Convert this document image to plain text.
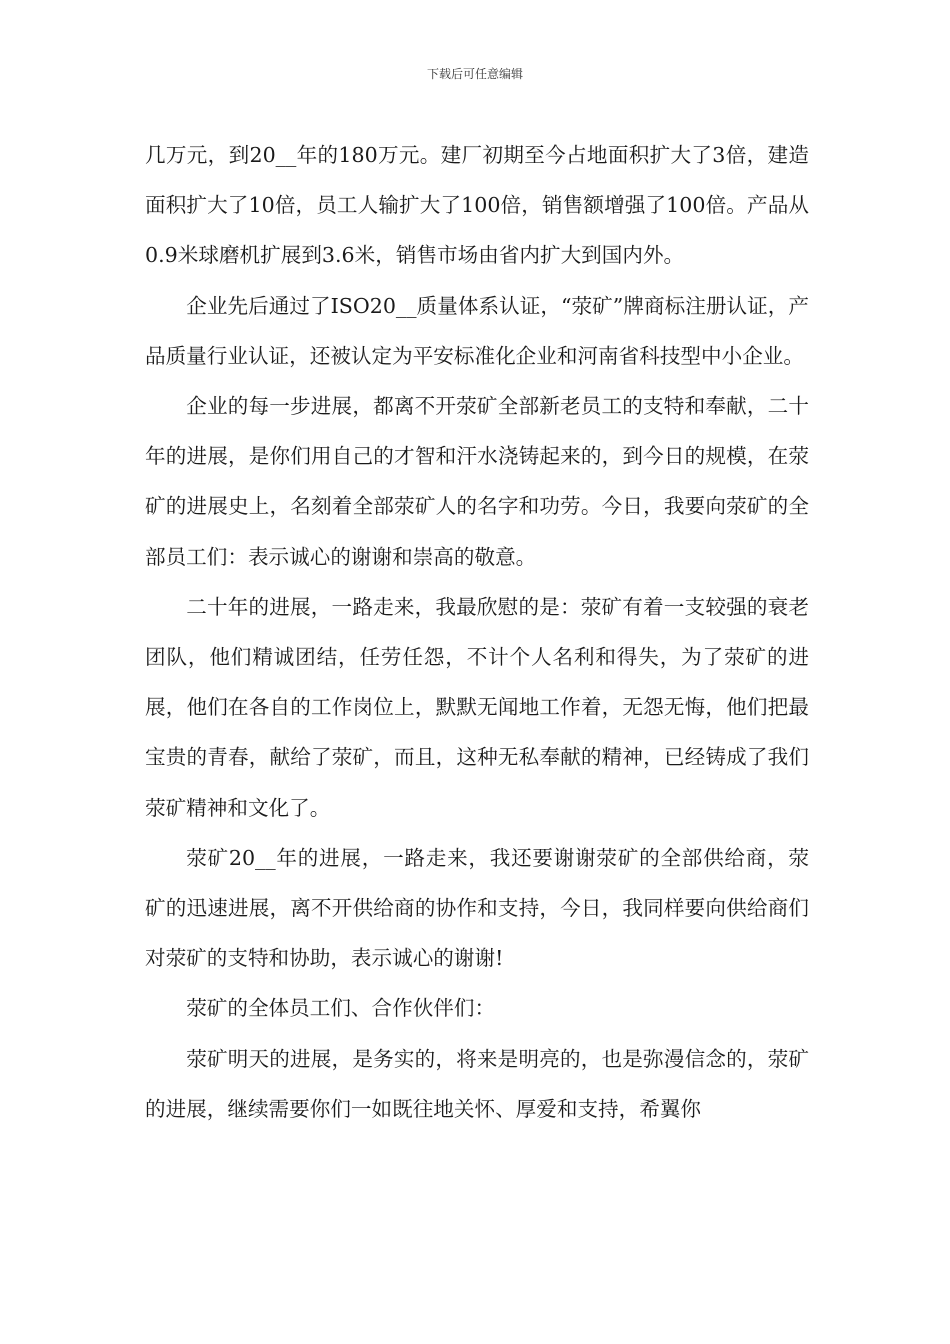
下载后可任意编辑

几万元，到20__年的180万元。建厂初期至今占地面积扩大了3倍，建造面积扩大了10倍，员工人输扩大了100倍，销售额增强了100倍。产品从0.9米球磨机扩展到3.6米，销售市场由省内扩大到国内外。

企业先后通过了ISO20__质量体系认证，“荥矿”牌商标注册认证，产品质量行业认证，还被认定为平安标准化企业和河南省科技型中小企业。

企业的每一步进展，都离不开荥矿全部新老员工的支特和奉献，二十年的进展，是你们用自己的才智和汗水浇铸起来的，到今日的规模，在荥矿的进展史上，名刻着全部荥矿人的名字和功劳。今日，我要向荥矿的全部员工们：表示诚心的谢谢和崇高的敬意。

二十年的进展，一路走来，我最欣慰的是：荥矿有着一支较强的衰老团队，他们精诚团结，任劳任怨，不计个人名利和得失，为了荥矿的进展，他们在各自的工作岗位上，默默无闻地工作着，无怨无悔，他们把最宝贵的青春，献给了荥矿，而且，这种无私奉献的精神，已经铸成了我们荥矿精神和文化了。

荥矿20__年的进展，一路走来，我还要谢谢荥矿的全部供给商，荥矿的迅速进展，离不开供给商的协作和支持，今日，我同样要向供给商们对荥矿的支特和协助，表示诚心的谢谢!

荥矿的全体员工们、合作伙伴们：

荥矿明天的进展，是务实的，将来是明亮的，也是弥漫信念的，荥矿的进展，继续需要你们一如既往地关怀、厚爱和支持，希翼你
